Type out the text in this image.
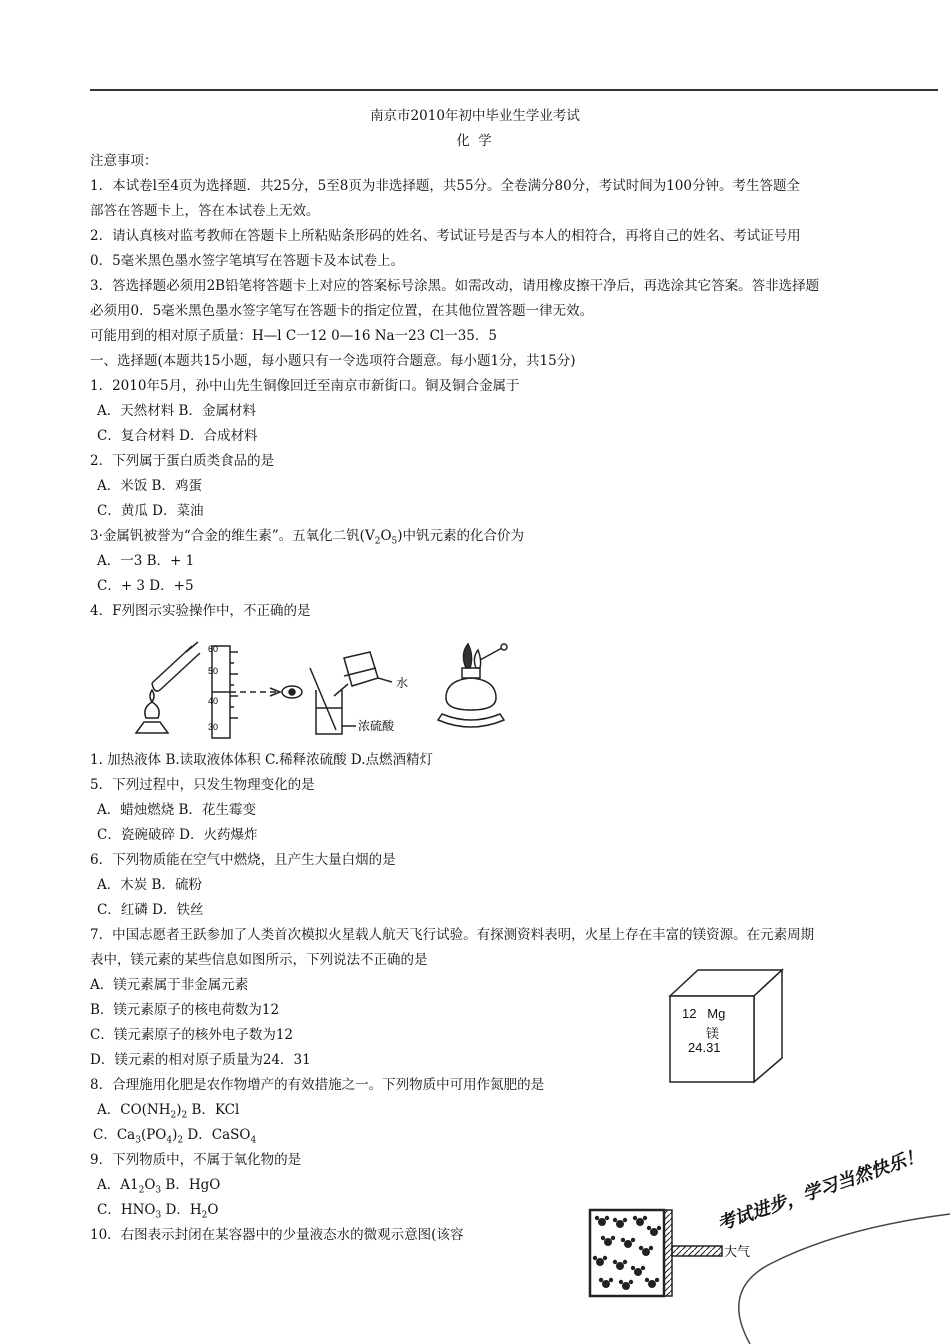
南京市2010年初中毕业生学业考试
化 学
注意事项：
1．本试卷l至4页为选择题．共25分，5至8页为非选择题，共55分。全卷满分80分，考试时间为100分钟。考生答题全
部答在答题卡上，答在本试卷上无效。
2．请认真核对监考教师在答题卡上所粘贴条形码的姓名、考试证号是否与本人的相符合，再将自己的姓名、考试证号用
0．5毫米黑色墨水签字笔填写在答题卡及本试卷上。
3．答选择题必须用2B铅笔将答题卡上对应的答案标号涂黑。如需改动，请用橡皮擦干净后，再选涂其它答案。答非选择题
必须用0．5毫米黑色墨水签字笔写在答题卡的指定位置，在其他位置答题一律无效。
可能用到的相对原子质量：H—l C一12 0—16 Na一23 Cl一35．5
一、选择题(本题共15小题，每小题只有一令选项符合题意。每小题1分，共15分)
1．2010年5月，孙中山先生铜像回迁至南京市新街口。铜及铜合金属于
A．天然材料 B．金属材料
C．复合材料 D．合成材料
2．下列属于蛋白质类食品的是
A．米饭 B．鸡蛋
C．黄瓜 D．菜油
3·金属钒被誉为“合金的维生素”。五氧化二钒$(V_2O_5)$中钒元素的化合价为
A．一3 B．+ 1
C．+ 3 D．+5
4．F列图示实验操作中，不正确的是
60
50
40
30
水
浓硫酸
1. 加热液体 B.读取液体体积 C.稀释浓硫酸 D.点燃酒精灯
5．下列过程中，只发生物理变化的是
A．蜡烛燃烧 B．花生霉变
C．瓷碗破碎 D．火药爆炸
6．下列物质能在空气中燃烧，且产生大量白烟的是
A．木炭 B．硫粉
C．红磷 D．铁丝
7．中国志愿者王跃参加了人类首次模拟火星载人航天飞行试验。有探测资料表明，火星上存在丰富的镁资源。在元素周期
表中，镁元素的某些信息如图所示，下列说法不正确的是
A．镁元素属于非金属元素
B．镁元素原子的核电荷数为12
C．镁元素原子的核外电子数为12
D．镁元素的相对原子质量为24．31
12   Mg
镁
24.31
8．合理施用化肥是农作物增产的有效措施之一。下列物质中可用作氮肥的是
A．$CO(NH_2)_2$ B．KCl
C．$Ca_3(PO_4)_2$ D．CaSO$_4$
9．下列物质中，不属于氧化物的是
A．$A1_2O_3$ B．HgO
C．$HNO_3$ D．$H_2O$
10．右图表示封闭在某容器中的少量液态水的微观示意图(该容
大气
考试进步，学习当然快乐！
